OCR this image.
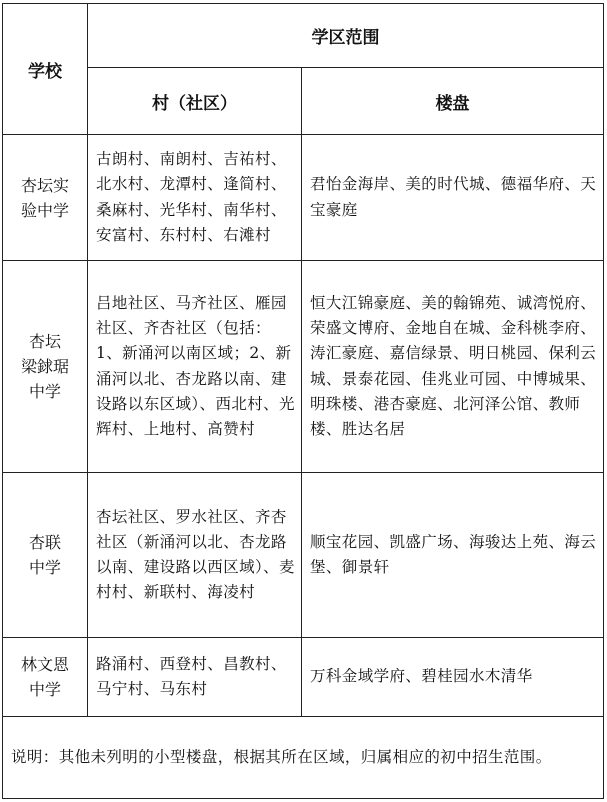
学校
学区范围
村（社区）	楼盘
杏坛实
验中学
古朗村、南朗村、吉祐村、北水村、龙潭村、逢简村、桑麻村、光华村、南华村、安富村、东村村、右滩村
君怡金海岸、美的时代城、德福华府、天宝豪庭
杏坛
梁銶琚
中学
吕地社区、马齐社区、雁园社区、齐杏社区（包括：1、新涌河以南区域；2、新涌河以北、杏龙路以南、建设路以东区域）、西北村、光辉村、上地村、高赞村
恒大江锦豪庭、美的翰锦苑、诚湾悦府、荣盛文博府、金地自在城、金科桃李府、涛汇豪庭、嘉信绿景、明日桃园、保利云城、景泰花园、佳兆业可园、中博城果、明珠楼、港杏豪庭、北河泽公馆、教师楼、胜达名居
杏联
中学
杏坛社区、罗水社区、齐杏社区（新涌河以北、杏龙路以南、建设路以西区域）、麦村村、新联村、海凌村
顺宝花园、凯盛广场、海骏达上苑、海云堡、御景轩
林文恩
中学
路涌村、西登村、昌教村、马宁村、马东村
万科金域学府、碧桂园水木清华
说明：其他未列明的小型楼盘，根据其所在区域，归属相应的初中招生范围。
